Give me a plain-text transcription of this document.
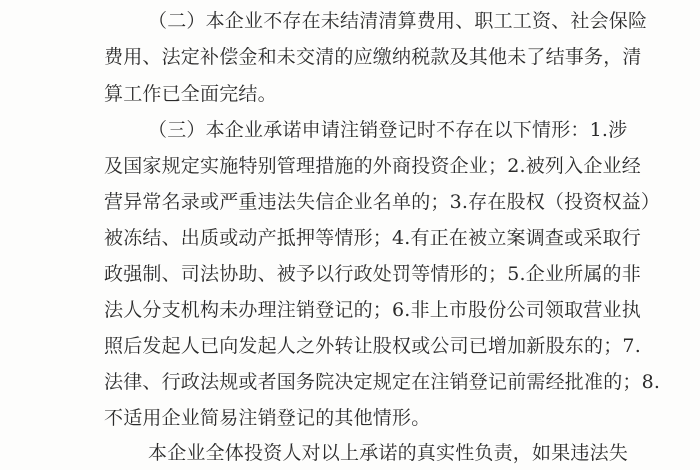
（二）本企业不存在未结清清算费用、职工工资、社会保险
费用、法定补偿金和未交清的应缴纳税款及其他未了结事务，清
算工作已全面完结。
（三）本企业承诺申请注销登记时不存在以下情形：1.涉
及国家规定实施特别管理措施的外商投资企业；2.被列入企业经
营异常名录或严重违法失信企业名单的；3.存在股权（投资权益）
被冻结、出质或动产抵押等情形；4.有正在被立案调查或采取行
政强制、司法协助、被予以行政处罚等情形的；5.企业所属的非
法人分支机构未办理注销登记的；6.非上市股份公司领取营业执
照后发起人已向发起人之外转让股权或公司已增加新股东的；7.
法律、行政法规或者国务院决定规定在注销登记前需经批准的；8.
不适用企业简易注销登记的其他情形。
本企业全体投资人对以上承诺的真实性负责，如果违法失
